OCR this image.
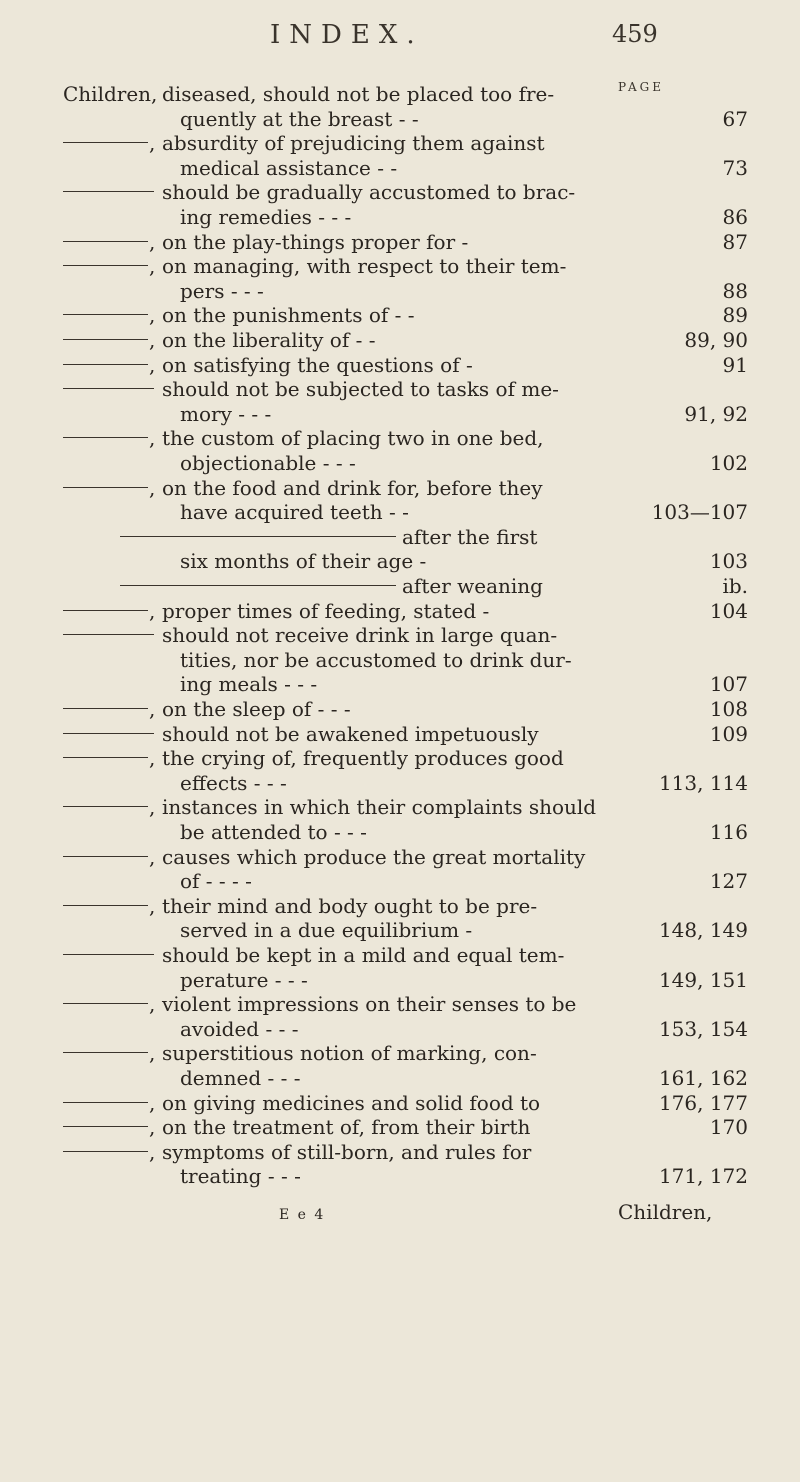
INDEX.	459
PAGE
Children, diseased, should not be placed too fre-
quently at the breast - -	67
, absurdity of prejudicing them against
medical assistance - -	73
should be gradually accustomed to brac-
ing remedies - - -	86
, on the play-things proper for -	87
, on managing, with respect to their tem-
pers - - -	88
, on the punishments of - -	89
, on the liberality of - -	89, 90
, on satisfying the questions of -	91
should not be subjected to tasks of me-
mory - - -	91, 92
, the custom of placing two in one bed,
objectionable - - -	102
, on the food and drink for, before they
have acquired teeth - -	103—107
after the first
six months of their age -	103
after weaning	ib.
, proper times of feeding, stated -	104
should not receive drink in large quan-
tities, nor be accustomed to drink dur-
ing meals - - -	107
, on the sleep of - - -	108
should not be awakened impetuously	109
, the crying of, frequently produces good
effects - - -	113, 114
, instances in which their complaints should
be attended to - - -	116
, causes which produce the great mortality
of - - - -	127
, their mind and body ought to be pre-
served in a due equilibrium -	148, 149
should be kept in a mild and equal tem-
perature - - -	149, 151
, violent impressions on their senses to be
avoided - - -	153, 154
, superstitious notion of marking, con-
demned - - -	161, 162
, on giving medicines and solid food to	176, 177
, on the treatment of, from their birth	170
, symptoms of still-born, and rules for
treating - - -	171, 172
E e 4	Children,
